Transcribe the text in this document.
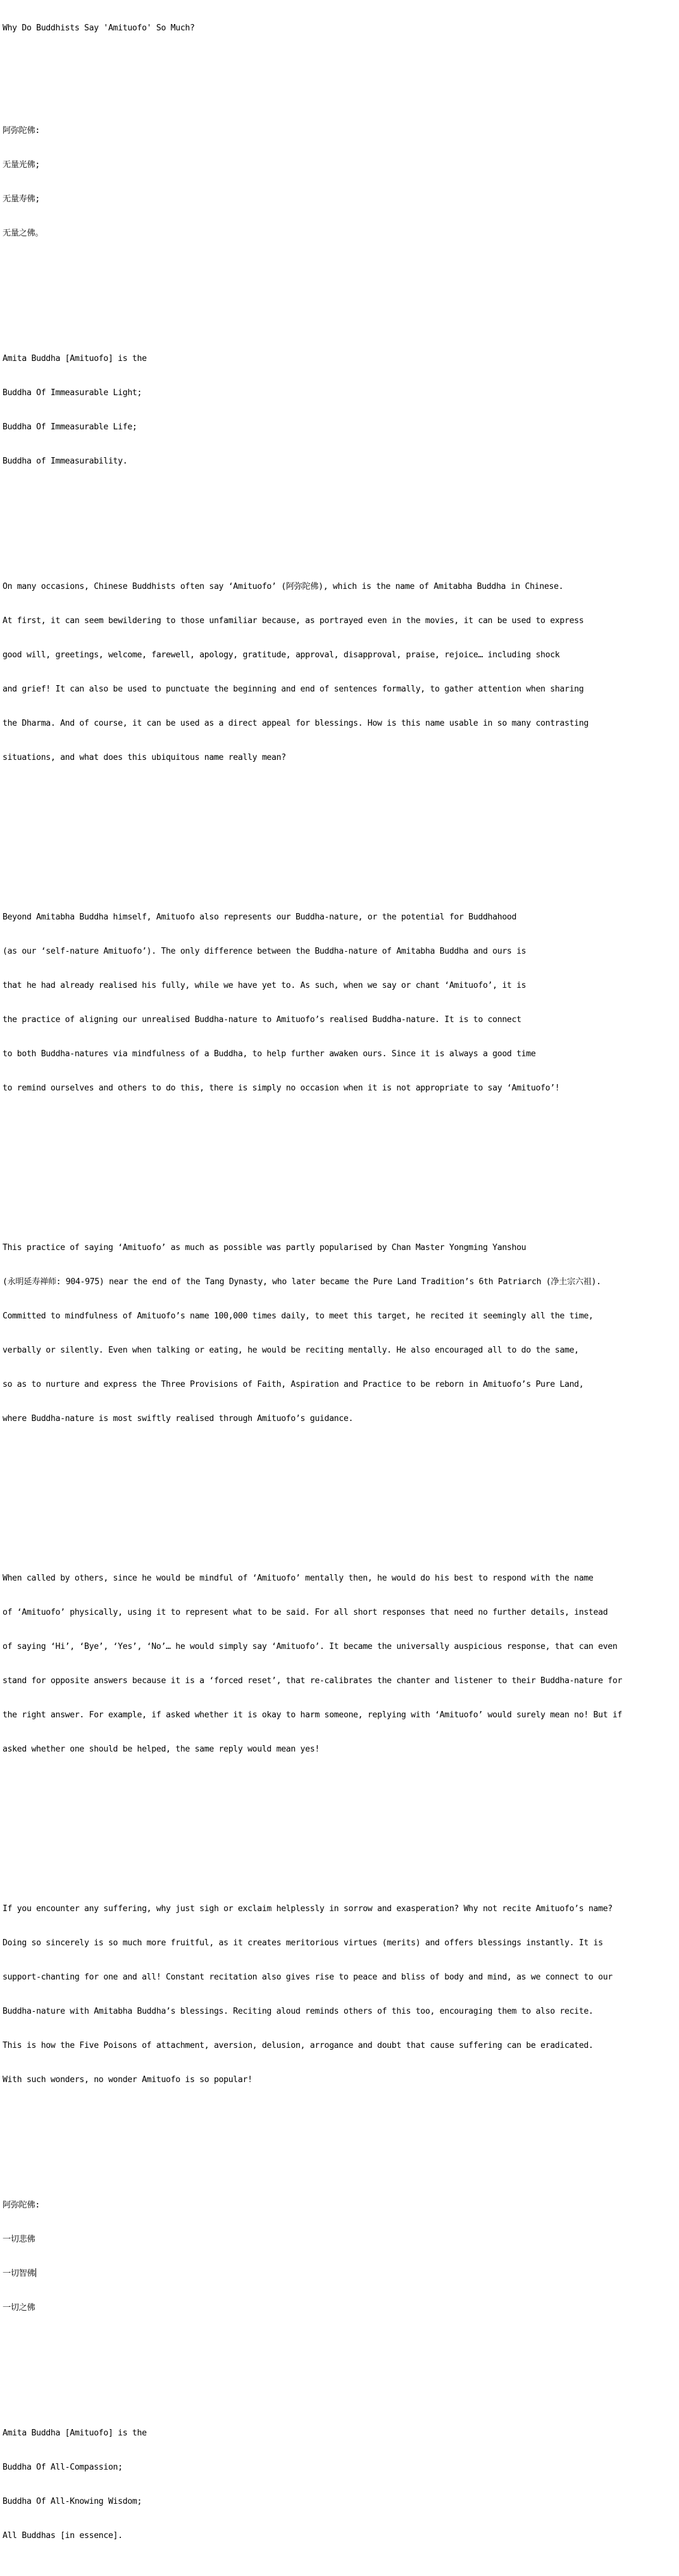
Why Do Buddhists Say 'Amituofo' So Much?

阿弥陀佛:

无量光佛;

无量寿佛;

无量之佛。

Amita Buddha [Amituofo] is the

Buddha Of Immeasurable Light;

Buddha Of Immeasurable Life;

Buddha of Immeasurability.

On many occasions, Chinese Buddhists often say ‘Amituofo’ (阿弥陀佛), which is the name of Amitabha Buddha in Chinese.

At first, it can seem bewildering to those unfamiliar because, as portrayed even in the movies, it can be used to express

good will, greetings, welcome, farewell, apology, gratitude, approval, disapproval, praise, rejoice… including shock

and grief! It can also be used to punctuate the beginning and end of sentences formally, to gather attention when sharing

the Dharma. And of course, it can be used as a direct appeal for blessings. How is this name usable in so many contrasting

situations, and what does this ubiquitous name really mean?

Beyond Amitabha Buddha himself, Amituofo also represents our Buddha-nature, or the potential for Buddhahood

(as our ‘self-nature Amituofo’). The only difference between the Buddha-nature of Amitabha Buddha and ours is

that he had already realised his fully, while we have yet to. As such, when we say or chant ‘Amituofo’, it is

the practice of aligning our unrealised Buddha-nature to Amituofo’s realised Buddha-nature. It is to connect

to both Buddha-natures via mindfulness of a Buddha, to help further awaken ours. Since it is always a good time

to remind ourselves and others to do this, there is simply no occasion when it is not appropriate to say ‘Amituofo’!

This practice of saying ‘Amituofo’ as much as possible was partly popularised by Chan Master Yongming Yanshou

(永明延寿禅师: 904-975) near the end of the Tang Dynasty, who later became the Pure Land Tradition’s 6th Patriarch (净土宗六祖).

Committed to mindfulness of Amituofo’s name 100,000 times daily, to meet this target, he recited it seemingly all the time,

verbally or silently. Even when talking or eating, he would be reciting mentally. He also encouraged all to do the same,

so as to nurture and express the Three Provisions of Faith, Aspiration and Practice to be reborn in Amituofo’s Pure Land,

where Buddha-nature is most swiftly realised through Amituofo’s guidance.

When called by others, since he would be mindful of ‘Amituofo’ mentally then, he would do his best to respond with the name

of ‘Amituofo’ physically, using it to represent what to be said. For all short responses that need no further details, instead

of saying ‘Hi’, ‘Bye’, ‘Yes’, ‘No’… he would simply say ‘Amituofo’. It became the universally auspicious response, that can even

stand for opposite answers because it is a ‘forced reset’, that re-calibrates the chanter and listener to their Buddha-nature for

the right answer. For example, if asked whether it is okay to harm someone, replying with ‘Amituofo’ would surely mean no! But if

asked whether one should be helped, the same reply would mean yes!

If you encounter any suffering, why just sigh or exclaim helplessly in sorrow and exasperation? Why not recite Amituofo’s name?

Doing so sincerely is so much more fruitful, as it creates meritorious virtues (merits) and offers blessings instantly. It is

support-chanting for one and all! Constant recitation also gives rise to peace and bliss of body and mind, as we connect to our

Buddha-nature with Amitabha Buddha’s blessings. Reciting aloud reminds others of this too, encouraging them to also recite.

This is how the Five Poisons of attachment, aversion, delusion, arrogance and doubt that cause suffering can be eradicated.

With such wonders, no wonder Amituofo is so popular!

阿弥陀佛:

一切悲佛

一切智佛

一切之佛

Amita Buddha [Amituofo] is the

Buddha Of All-Compassion;

Buddha Of All-Knowing Wisdom;

All Buddhas [in essence].
